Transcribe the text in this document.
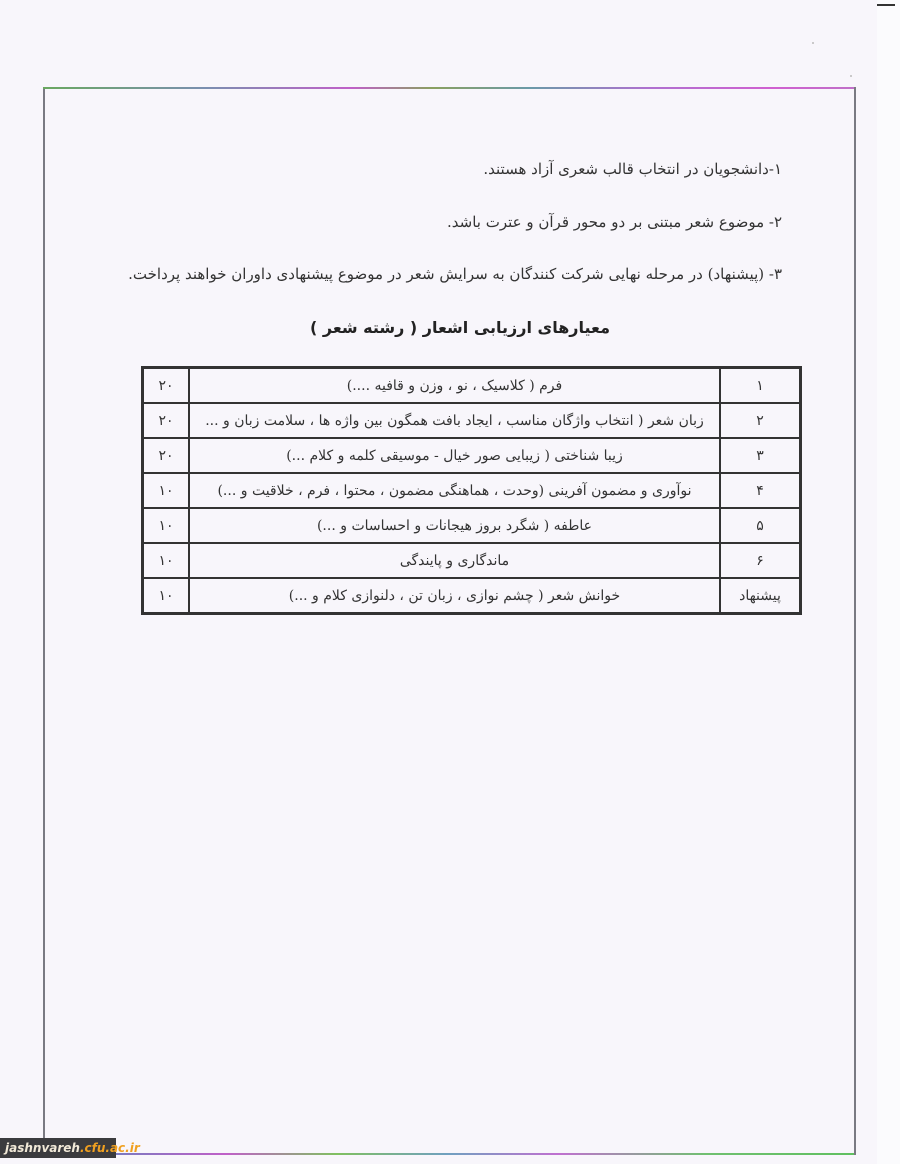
۱-دانشجویان در انتخاب قالب شعری آزاد هستند.
۲- موضوع شعر مبتنی بر دو محور قرآن و عترت باشد.
۳- (پیشنهاد) در مرحله نهایی شرکت کنندگان به سرایش شعر در موضوع پیشنهادی داوران خواهند پرداخت.
معیارهای ارزیابی اشعار ( رشته شعر )
۲۰	فرم ( کلاسیک ، نو ، وزن و قافیه ....)	۱
۲۰	زبان شعر ( انتخاب واژگان مناسب ، ایجاد بافت همگون بین واژه ها ، سلامت زبان و ...	۲
۲۰	زیبا شناختی ( زیبایی صور خیال - موسیقی کلمه و کلام ...)	۳
۱۰	نوآوری و مضمون آفرینی (وحدت ، هماهنگی مضمون ، محتوا ، فرم ، خلاقیت و ...)	۴
۱۰	عاطفه ( شگرد بروز هیجانات و احساسات و ...)	۵
۱۰	ماندگاری و پایندگی	۶
۱۰	خوانش شعر ( چشم نوازی ، زبان تن ، دلنوازی کلام و ...)	پیشنهاد
jashnvareh.cfu.ac.ir
